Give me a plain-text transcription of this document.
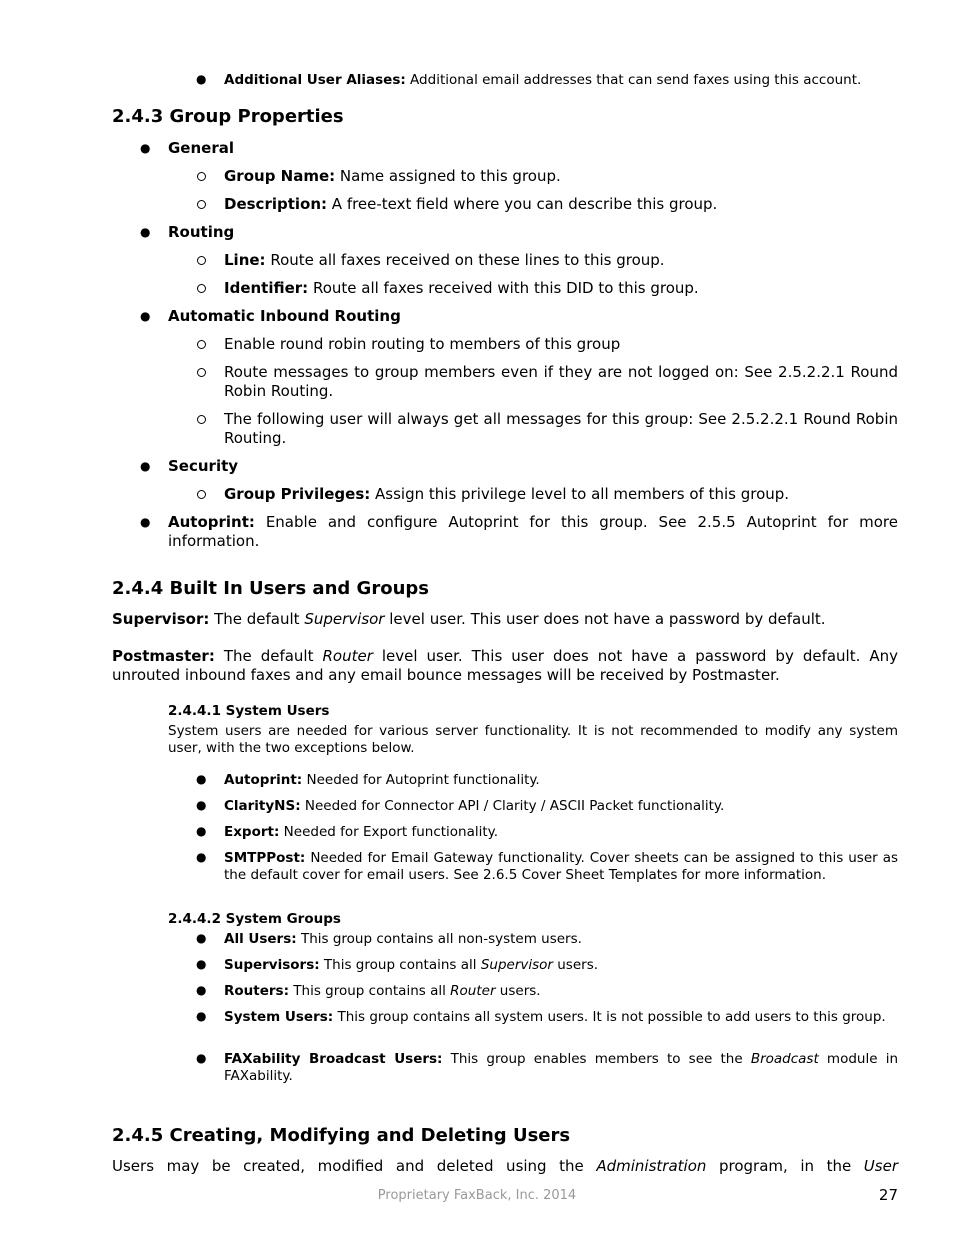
● Additional User Aliases: Additional email addresses that can send faxes using this account.
2.4.3 Group Properties
● General
Group Name: Name assigned to this group.
Description: A free-text field where you can describe this group.
● Routing
Line: Route all faxes received on these lines to this group.
Identifier: Route all faxes received with this DID to this group.
● Automatic Inbound Routing
Enable round robin routing to members of this group
Route messages to group members even if they are not logged on: See 2.5.2.2.1 Round Robin Routing.
The following user will always get all messages for this group: See 2.5.2.2.1 Round Robin Routing.
● Security
Group Privileges: Assign this privilege level to all members of this group.
● Autoprint: Enable and configure Autoprint for this group. See 2.5.5 Autoprint for more information.
2.4.4 Built In Users and Groups
Supervisor: The default Supervisor level user. This user does not have a password by default.
Postmaster: The default Router level user. This user does not have a password by default. Any unrouted inbound faxes and any email bounce messages will be received by Postmaster.
2.4.4.1 System Users
System users are needed for various server functionality. It is not recommended to modify any system user, with the two exceptions below.
● Autoprint: Needed for Autoprint functionality.
● ClarityNS: Needed for Connector API / Clarity / ASCII Packet functionality.
● Export: Needed for Export functionality.
● SMTPPost: Needed for Email Gateway functionality. Cover sheets can be assigned to this user as the default cover for email users. See 2.6.5 Cover Sheet Templates for more information.
2.4.4.2 System Groups
● All Users: This group contains all non-system users.
● Supervisors: This group contains all Supervisor users.
● Routers: This group contains all Router users.
● System Users: This group contains all system users. It is not possible to add users to this group.
● FAXability Broadcast Users: This group enables members to see the Broadcast module in FAXability.
2.4.5 Creating, Modifying and Deleting Users
Users may be created, modified and deleted using the Administration program, in the User
Proprietary FaxBack, Inc. 2014	27
